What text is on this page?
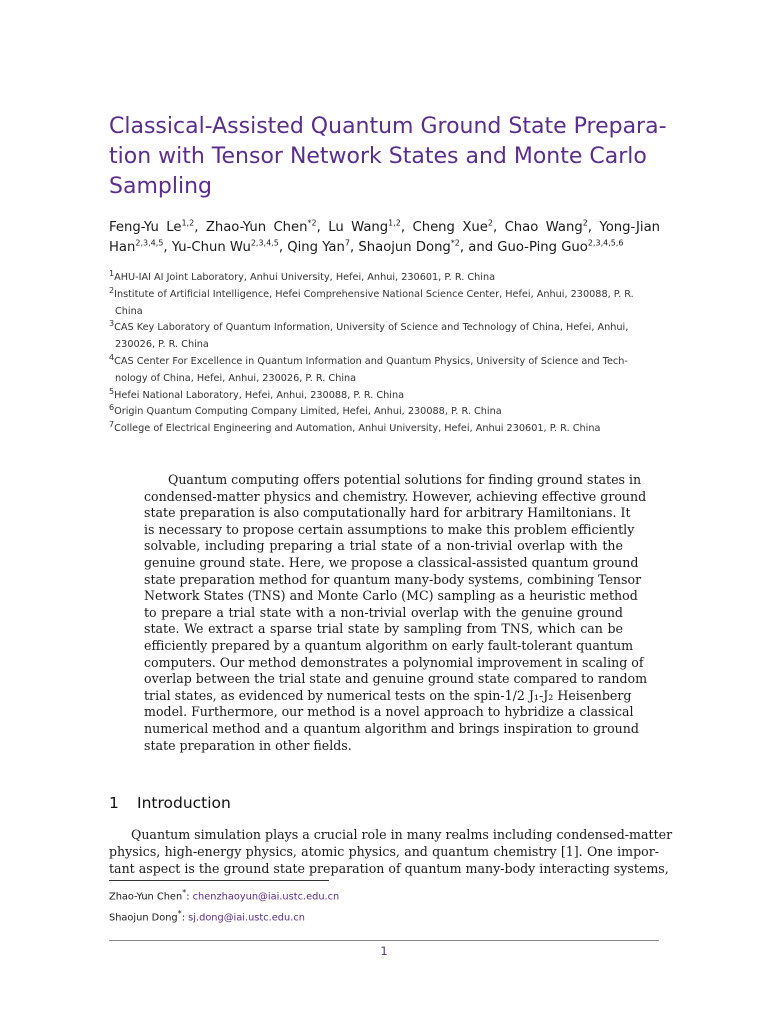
Classical-Assisted Quantum Ground State Prepara-
tion with Tensor Network States and Monte Carlo
Sampling
Feng-Yu Le$^{1,2}$, Zhao-Yun Chen$^{*2}$, Lu Wang$^{1,2}$, Cheng Xue$^2$, Chao Wang$^2$, Yong-Jian
Han$^{2,3,4,5}$, Yu-Chun Wu$^{2,3,4,5}$, Qing Yan$^7$, Shaojun Dong$^{*2}$, and Guo-Ping Guo$^{2,3,4,5,6}$
$^1$AHU-IAI AI Joint Laboratory, Anhui University, Hefei, Anhui, 230601, P. R. China
$^2$Institute of Artificial Intelligence, Hefei Comprehensive National Science Center, Hefei, Anhui, 230088, P. R.
China
$^3$CAS Key Laboratory of Quantum Information, University of Science and Technology of China, Hefei, Anhui,
230026, P. R. China
$^4$CAS Center For Excellence in Quantum Information and Quantum Physics, University of Science and Tech-
nology of China, Hefei, Anhui, 230026, P. R. China
$^5$Hefei National Laboratory, Hefei, Anhui, 230088, P. R. China
$^6$Origin Quantum Computing Company Limited, Hefei, Anhui, 230088, P. R. China
$^7$College of Electrical Engineering and Automation, Anhui University, Hefei, Anhui 230601, P. R. China
Quantum computing offers potential solutions for finding ground states in
condensed-matter physics and chemistry. However, achieving effective ground
state preparation is also computationally hard for arbitrary Hamiltonians. It
is necessary to propose certain assumptions to make this problem efficiently
solvable, including preparing a trial state of a non-trivial overlap with the
genuine ground state. Here, we propose a classical-assisted quantum ground
state preparation method for quantum many-body systems, combining Tensor
Network States (TNS) and Monte Carlo (MC) sampling as a heuristic method
to prepare a trial state with a non-trivial overlap with the genuine ground
state. We extract a sparse trial state by sampling from TNS, which can be
efficiently prepared by a quantum algorithm on early fault-tolerant quantum
computers. Our method demonstrates a polynomial improvement in scaling of
overlap between the trial state and genuine ground state compared to random
trial states, as evidenced by numerical tests on the spin-1/2 J₁-J₂ Heisenberg
model. Furthermore, our method is a novel approach to hybridize a classical
numerical method and a quantum algorithm and brings inspiration to ground
state preparation in other fields.
1 Introduction
Quantum simulation plays a crucial role in many realms including condensed-matter
physics, high-energy physics, atomic physics, and quantum chemistry [1]. One impor-
tant aspect is the ground state preparation of quantum many-body interacting systems,
Zhao-Yun Chen*: chenzhaoyun@iai.ustc.edu.cn
Shaojun Dong*: sj.dong@iai.ustc.edu.cn
1
